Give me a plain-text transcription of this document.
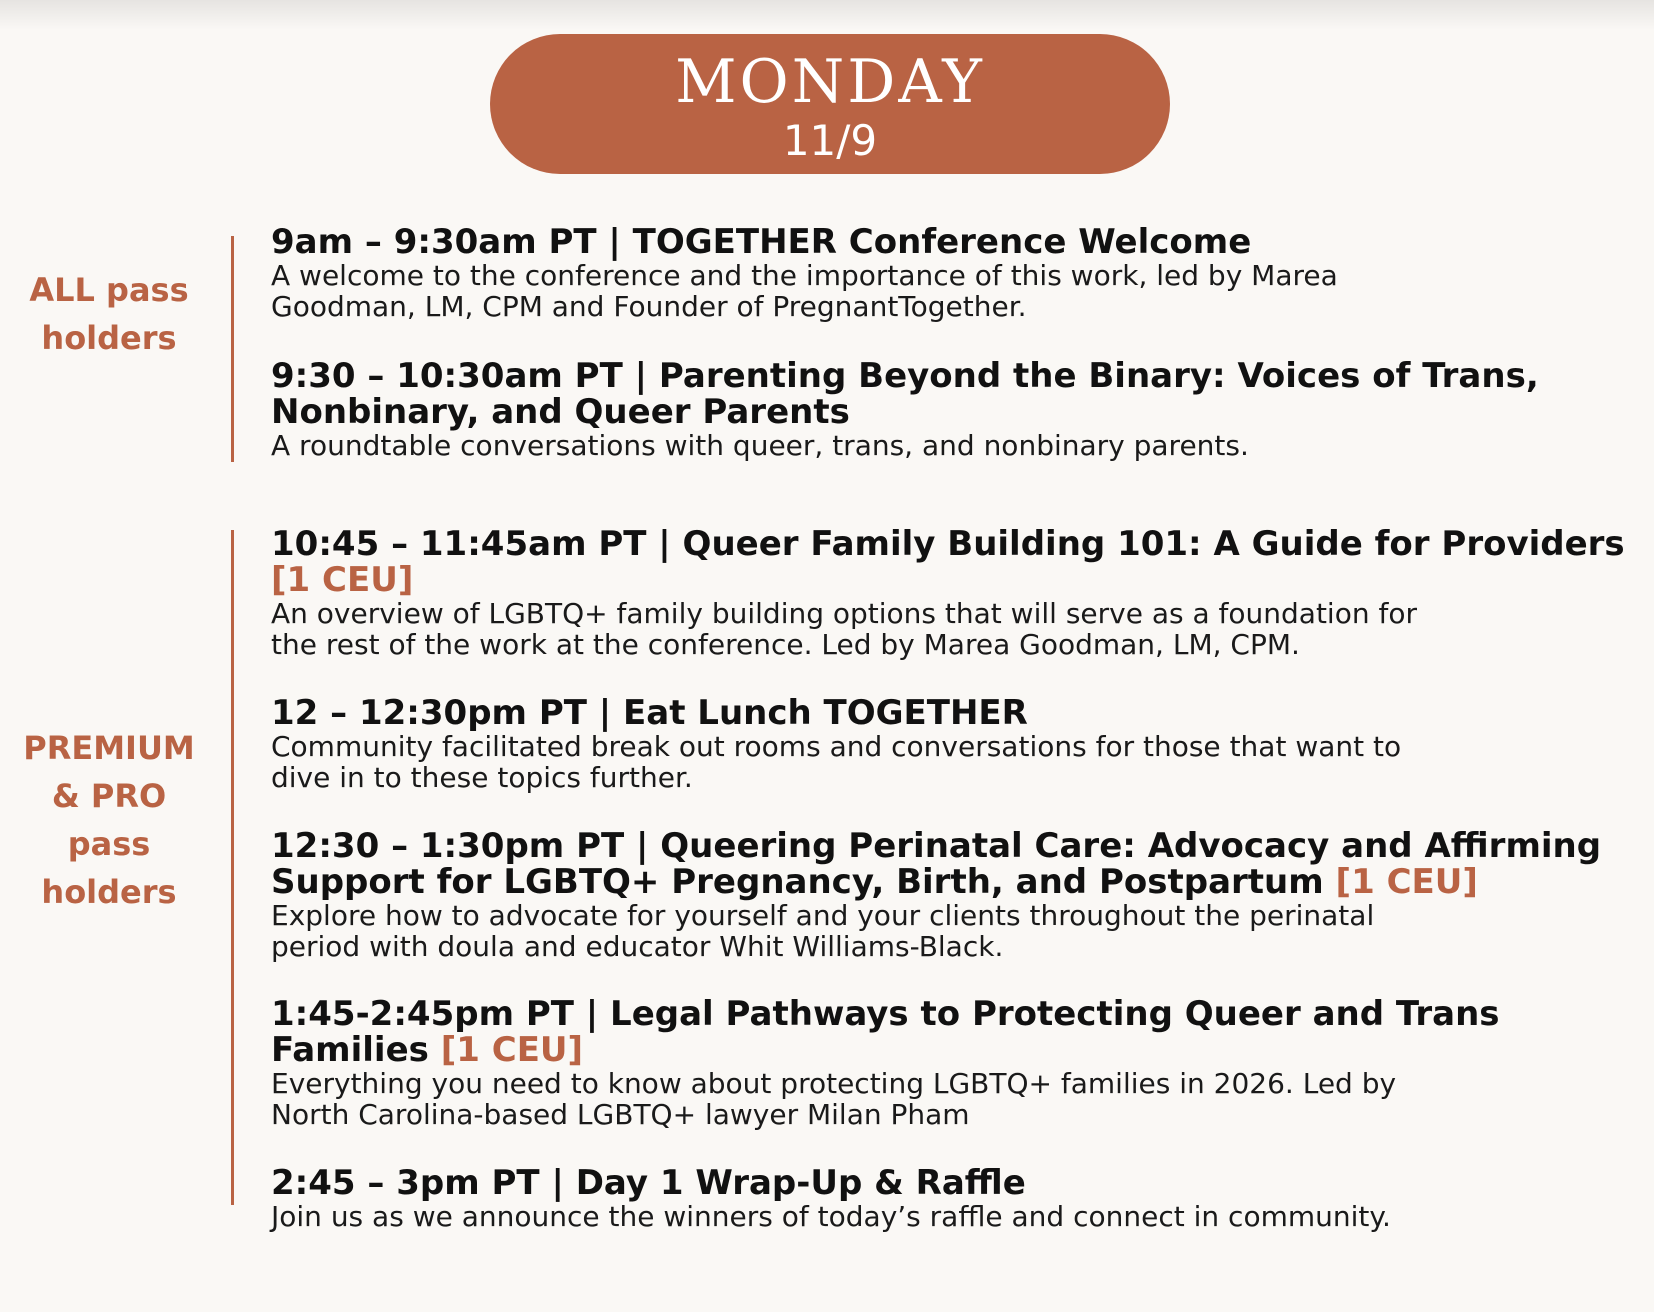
MONDAY
11/9
ALL pass
holders
9am – 9:30am PT | TOGETHER Conference Welcome
A welcome to the conference and the importance of this work, led by Marea
Goodman, LM, CPM and Founder of PregnantTogether.
9:30 – 10:30am PT | Parenting Beyond the Binary: Voices of Trans,
Nonbinary, and Queer Parents
A roundtable conversations with queer, trans, and nonbinary parents.
PREMIUM
& PRO
pass
holders
10:45 – 11:45am PT | Queer Family Building 101: A Guide for Providers
[1 CEU]
An overview of LGBTQ+ family building options that will serve as a foundation for
the rest of the work at the conference. Led by Marea Goodman, LM, CPM.
12 – 12:30pm PT | Eat Lunch TOGETHER
Community facilitated break out rooms and conversations for those that want to
dive in to these topics further.
12:30 – 1:30pm PT | Queering Perinatal Care: Advocacy and Affirming
Support for LGBTQ+ Pregnancy, Birth, and Postpartum [1 CEU]
Explore how to advocate for yourself and your clients throughout the perinatal
period with doula and educator Whit Williams-Black.
1:45-2:45pm PT | Legal Pathways to Protecting Queer and Trans
Families [1 CEU]
Everything you need to know about protecting LGBTQ+ families in 2026. Led by
North Carolina-based LGBTQ+ lawyer Milan Pham
2:45 – 3pm PT | Day 1 Wrap-Up & Raffle
Join us as we announce the winners of today’s raffle and connect in community.
